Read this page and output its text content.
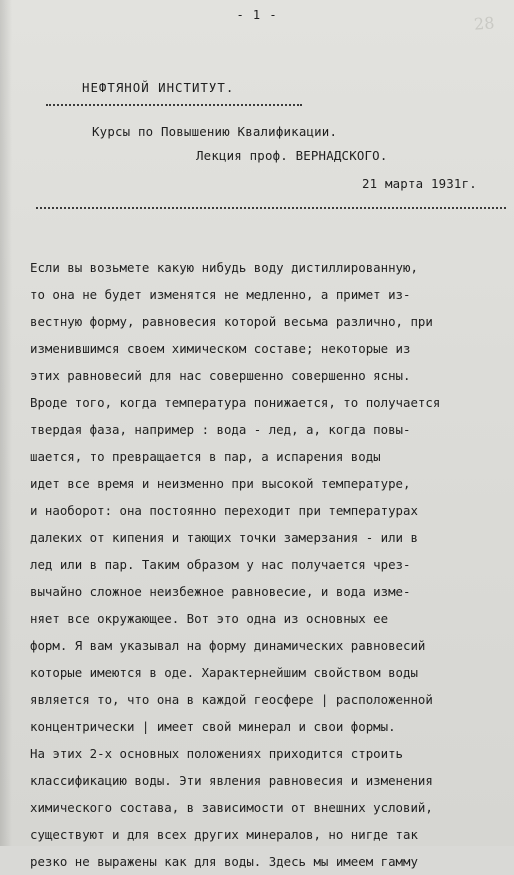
- 1 -	28
НЕФТЯНОЙ ИНСТИТУТ.
Курсы по Повышению Квалификации.
Лекция проф. ВЕРНАДСКОГО.
21 марта 1931г.
Если вы возьмете какую нибудь воду дистиллированную,
то она не будет изменятся не медленно, а примет из-
вестную форму, равновесия которой весьма различно, при
изменившимся своем химическом составе; некоторые из
этих равновесий для нас совершенно совершенно ясны.
Вроде того, когда температура понижается, то получается
твердая фаза, например : вода - лед, а, когда повы-
шается, то превращается в пар, а испарения воды
идет все время и неизменно при высокой температуре,
и наоборот: она постоянно переходит при температурах
далеких от кипения и тающих точки замерзания - или в
лед или в пар. Таким образом у нас получается чрез-
вычайно сложное неизбежное равновесие, и вода изме-
няет все окружающее. Вот это одна из основных ее
форм. Я вам указывал на форму динамических равновесий
которые имеются в оде. Характернейшим свойством воды
является то, что она в каждой геосфере | расположенной
концентрически | имеет свой минерал и свои формы.
На этих 2-х основных положениях приходится строить
классификацию воды. Эти явления равновесия и изменения
химического состава, в зависимости от внешних условий,
существуют и для всех других минералов, но нигде так
резко не выражены как для воды. Здесь мы имеем гамму
